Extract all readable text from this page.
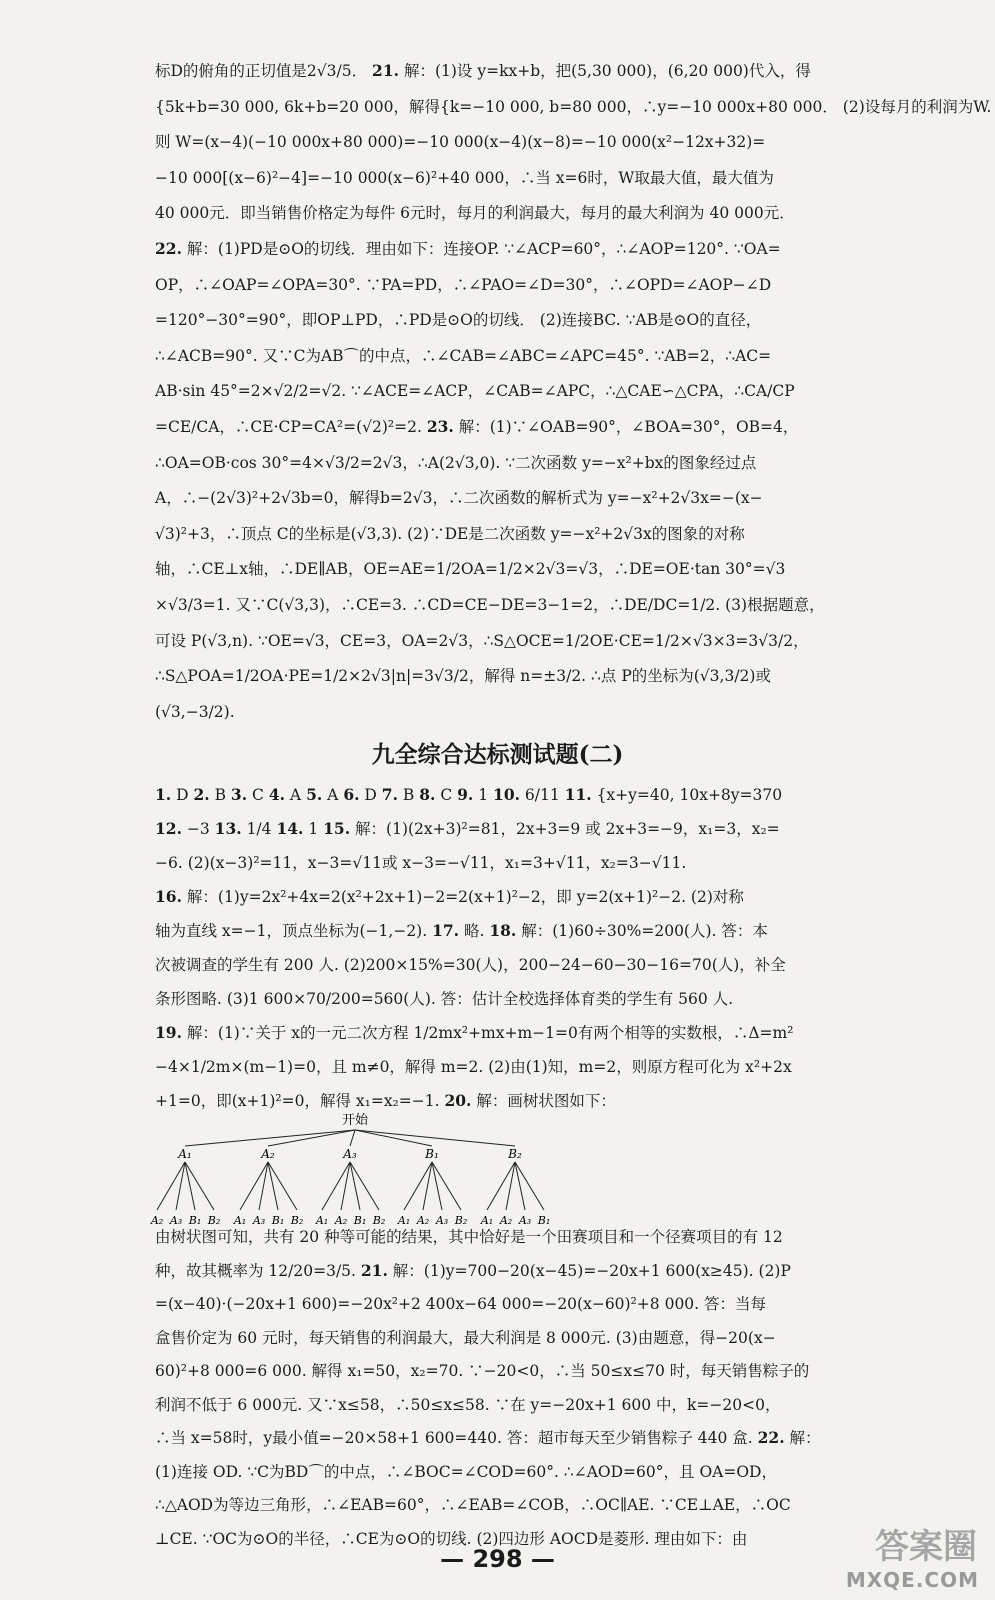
标D的俯角的正切值是2√3/5． 21. 解：(1)设 y=kx+b，把(5,30 000)，(6,20 000)代入，得
{5k+b=30 000, 6k+b=20 000，解得{k=−10 000, b=80 000，∴y=−10 000x+80 000． (2)设每月的利润为W.
则 W=(x−4)(−10 000x+80 000)=−10 000(x−4)(x−8)=−10 000(x²−12x+32)=
−10 000[(x−6)²−4]=−10 000(x−6)²+40 000，∴当 x=6时，W取最大值，最大值为
40 000元．即当销售价格定为每件 6元时，每月的利润最大，每月的最大利润为 40 000元．
22. 解：(1)PD是⊙O的切线．理由如下：连接OP. ∵∠ACP=60°，∴∠AOP=120°. ∵OA=
OP，∴∠OAP=∠OPA=30°. ∵PA=PD，∴∠PAO=∠D=30°，∴∠OPD=∠AOP−∠D
=120°−30°=90°，即OP⊥PD，∴PD是⊙O的切线． (2)连接BC. ∵AB是⊙O的直径，
∴∠ACB=90°. 又∵C为AB⌒的中点，∴∠CAB=∠ABC=∠APC=45°. ∵AB=2，∴AC=
AB·sin 45°=2×√2/2=√2. ∵∠ACE=∠ACP，∠CAB=∠APC，∴△CAE∽△CPA，∴CA/CP
=CE/CA，∴CE·CP=CA²=(√2)²=2. 23. 解：(1)∵∠OAB=90°，∠BOA=30°，OB=4，
∴OA=OB·cos 30°=4×√3/2=2√3，∴A(2√3,0). ∵二次函数 y=−x²+bx的图象经过点
A，∴−(2√3)²+2√3b=0，解得b=2√3，∴二次函数的解析式为 y=−x²+2√3x=−(x−
√3)²+3，∴顶点 C的坐标是(√3,3). (2)∵DE是二次函数 y=−x²+2√3x的图象的对称
轴，∴CE⊥x轴，∴DE∥AB，OE=AE=1/2OA=1/2×2√3=√3，∴DE=OE·tan 30°=√3
×√3/3=1. 又∵C(√3,3)，∴CE=3. ∴CD=CE−DE=3−1=2，∴DE/DC=1/2. (3)根据题意，
可设 P(√3,n). ∵OE=√3，CE=3，OA=2√3，∴S△OCE=1/2OE·CE=1/2×√3×3=3√3/2，
∴S△POA=1/2OA·PE=1/2×2√3|n|=3√3/2，解得 n=±3/2. ∴点 P的坐标为(√3,3/2)或
(√3,−3/2).
九全综合达标测试题(二)
1. D 2. B 3. C 4. A 5. A 6. D 7. B 8. C 9. 1 10. 6/11 11. {x+y=40, 10x+8y=370
12. −3 13. 1/4 14. 1 15. 解：(1)(2x+3)²=81，2x+3=9 或 2x+3=−9，x₁=3，x₂=
−6. (2)(x−3)²=11，x−3=√11或 x−3=−√11，x₁=3+√11，x₂=3−√11.
16. 解：(1)y=2x²+4x=2(x²+2x+1)−2=2(x+1)²−2，即 y=2(x+1)²−2. (2)对称
轴为直线 x=−1，顶点坐标为(−1,−2). 17. 略. 18. 解：(1)60÷30%=200(人). 答：本
次被调查的学生有 200 人. (2)200×15%=30(人)，200−24−60−30−16=70(人)，补全
条形图略. (3)1 600×70/200=560(人). 答：估计全校选择体育类的学生有 560 人.
19. 解：(1)∵关于 x的一元二次方程 1/2mx²+mx+m−1=0有两个相等的实数根，∴Δ=m²
−4×1/2m×(m−1)=0，且 m≠0，解得 m=2. (2)由(1)知，m=2，则原方程可化为 x²+2x
+1=0，即(x+1)²=0，解得 x₁=x₂=−1. 20. 解：画树状图如下：
开始
A₁
A₂ A₃ B₁ B₂
A₂
A₁ A₃ B₁ B₂
A₃
A₁ A₂ B₁ B₂
B₁
A₁ A₂ A₃ B₂
B₂
A₁ A₂ A₃ B₁
由树状图可知，共有 20 种等可能的结果，其中恰好是一个田赛项目和一个径赛项目的有 12
种，故其概率为 12/20=3/5. 21. 解：(1)y=700−20(x−45)=−20x+1 600(x≥45). (2)P
=(x−40)·(−20x+1 600)=−20x²+2 400x−64 000=−20(x−60)²+8 000. 答：当每
盒售价定为 60 元时，每天销售的利润最大，最大利润是 8 000元. (3)由题意，得−20(x−
60)²+8 000=6 000. 解得 x₁=50，x₂=70. ∵−20<0，∴当 50≤x≤70 时，每天销售粽子的
利润不低于 6 000元. 又∵x≤58，∴50≤x≤58. ∵在 y=−20x+1 600 中，k=−20<0，
∴当 x=58时，y最小值=−20×58+1 600=440. 答：超市每天至少销售粽子 440 盒. 22. 解：
(1)连接 OD. ∵C为BD⌒的中点，∴∠BOC=∠COD=60°. ∴∠AOD=60°，且 OA=OD，
∴△AOD为等边三角形，∴∠EAB=60°，∴∠EAB=∠COB，∴OC∥AE. ∵CE⊥AE，∴OC
⊥CE. ∵OC为⊙O的半径，∴CE为⊙O的切线. (2)四边形 AOCD是菱形. 理由如下：由
— 298 —	答案圈
MXQE.COM
